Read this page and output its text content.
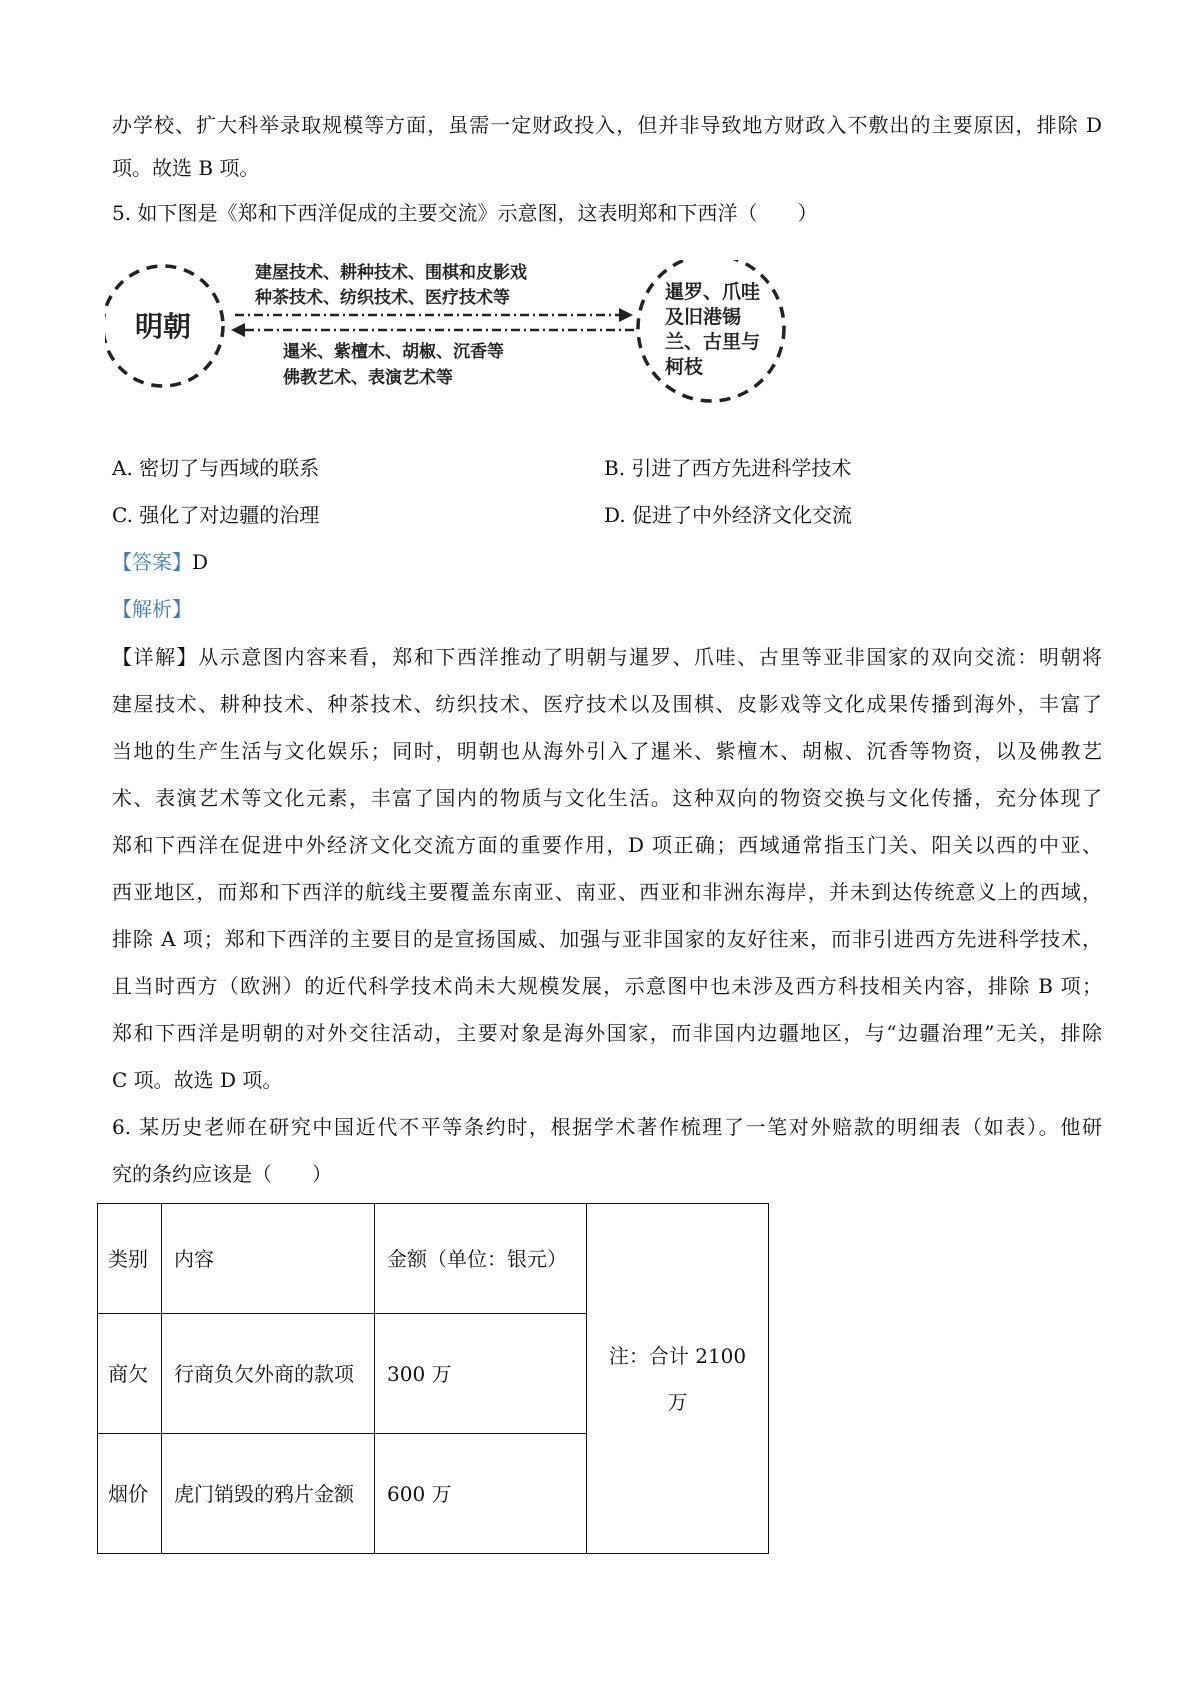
办学校、扩大科举录取规模等方面，虽需一定财政投入，但并非导致地方财政入不敷出的主要原因，排除 D
项。故选 B 项。
5. 如下图是《郑和下西洋促成的主要交流》示意图，这表明郑和下西洋（　　）
明朝
暹罗、爪哇
及旧港锡
兰、古里与
柯枝
建屋技术、耕种技术、围棋和皮影戏
种茶技术、纺织技术、医疗技术等
暹米、紫檀木、胡椒、沉香等
佛教艺术、表演艺术等
A. 密切了与西域的联系	B. 引进了西方先进科学技术
C. 强化了对边疆的治理	D. 促进了中外经济文化交流
【答案】D
【解析】
【详解】从示意图内容来看，郑和下西洋推动了明朝与暹罗、爪哇、古里等亚非国家的双向交流：明朝将
建屋技术、耕种技术、种茶技术、纺织技术、医疗技术以及围棋、皮影戏等文化成果传播到海外，丰富了
当地的生产生活与文化娱乐；同时，明朝也从海外引入了暹米、紫檀木、胡椒、沉香等物资，以及佛教艺
术、表演艺术等文化元素，丰富了国内的物质与文化生活。这种双向的物资交换与文化传播，充分体现了
郑和下西洋在促进中外经济文化交流方面的重要作用，D 项正确；西域通常指玉门关、阳关以西的中亚、
西亚地区，而郑和下西洋的航线主要覆盖东南亚、南亚、西亚和非洲东海岸，并未到达传统意义上的西域，
排除 A 项；郑和下西洋的主要目的是宣扬国威、加强与亚非国家的友好往来，而非引进西方先进科学技术，
且当时西方（欧洲）的近代科学技术尚未大规模发展，示意图中也未涉及西方科技相关内容，排除 B 项；
郑和下西洋是明朝的对外交往活动，主要对象是海外国家，而非国内边疆地区，与“边疆治理”无关，排除
C 项。故选 D 项。
6. 某历史老师在研究中国近代不平等条约时，根据学术著作梳理了一笔对外赔款的明细表（如表）。他研
究的条约应该是（　　）
类别	内容	金额（单位：银元）	注：合计 2100 万
商欠	行商负欠外商的款项	300 万	
烟价	虎门销毁的鸦片金额	600 万	
